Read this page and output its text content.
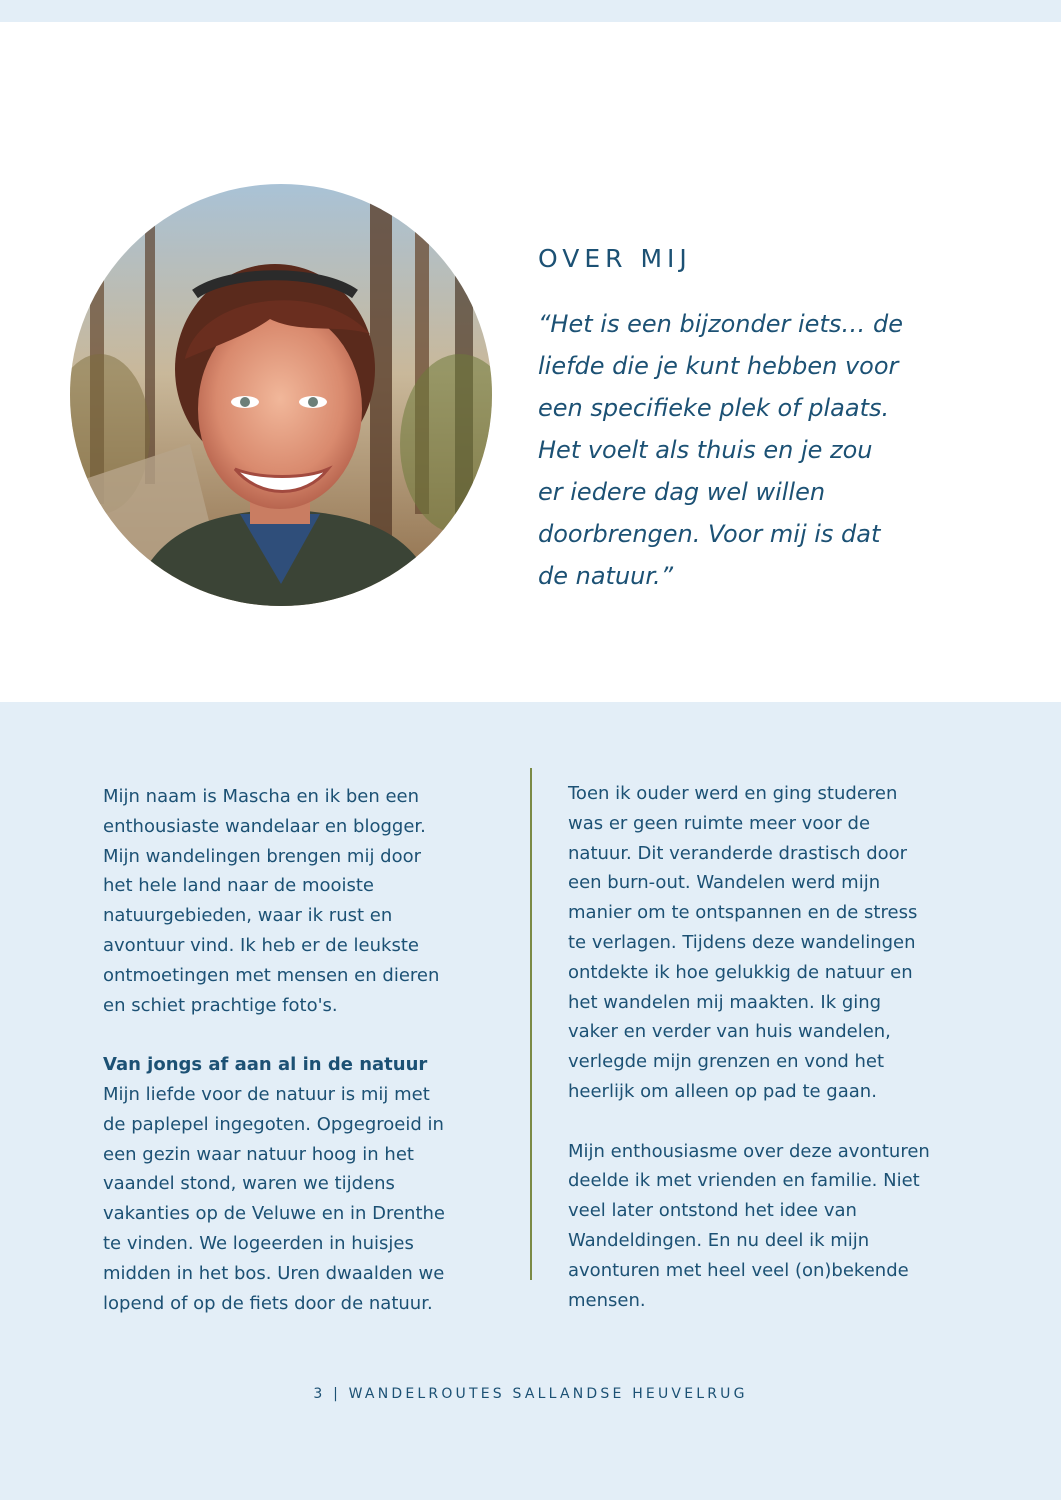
OVER MIJ
“Het is een bijzonder iets… de
liefde die je kunt hebben voor
een specifieke plek of plaats.
Het voelt als thuis en je zou
er iedere dag wel willen
doorbrengen. Voor mij is dat
de natuur.”
Mijn naam is Mascha en ik ben een
enthousiaste wandelaar en blogger.
Mijn wandelingen brengen mij door
het hele land naar de mooiste
natuurgebieden, waar ik rust en
avontuur vind. Ik heb er de leukste
ontmoetingen met mensen en dieren
en schiet prachtige foto's.
Van jongs af aan al in de natuur
Mijn liefde voor de natuur is mij met
de paplepel ingegoten. Opgegroeid in
een gezin waar natuur hoog in het
vaandel stond, waren we tijdens
vakanties op de Veluwe en in Drenthe
te vinden. We logeerden in huisjes
midden in het bos. Uren dwaalden we
lopend of op de fiets door de natuur.
Toen ik ouder werd en ging studeren
was er geen ruimte meer voor de
natuur. Dit veranderde drastisch door
een burn-out. Wandelen werd mijn
manier om te ontspannen en de stress
te verlagen. Tijdens deze wandelingen
ontdekte ik hoe gelukkig de natuur en
het wandelen mij maakten. Ik ging
vaker en verder van huis wandelen,
verlegde mijn grenzen en vond het
heerlijk om alleen op pad te gaan.
Mijn enthousiasme over deze avonturen
deelde ik met vrienden en familie. Niet
veel later ontstond het idee van
Wandeldingen. En nu deel ik mijn
avonturen met heel veel (on)bekende
mensen.
3 | WANDELROUTES SALLANDSE HEUVELRUG
